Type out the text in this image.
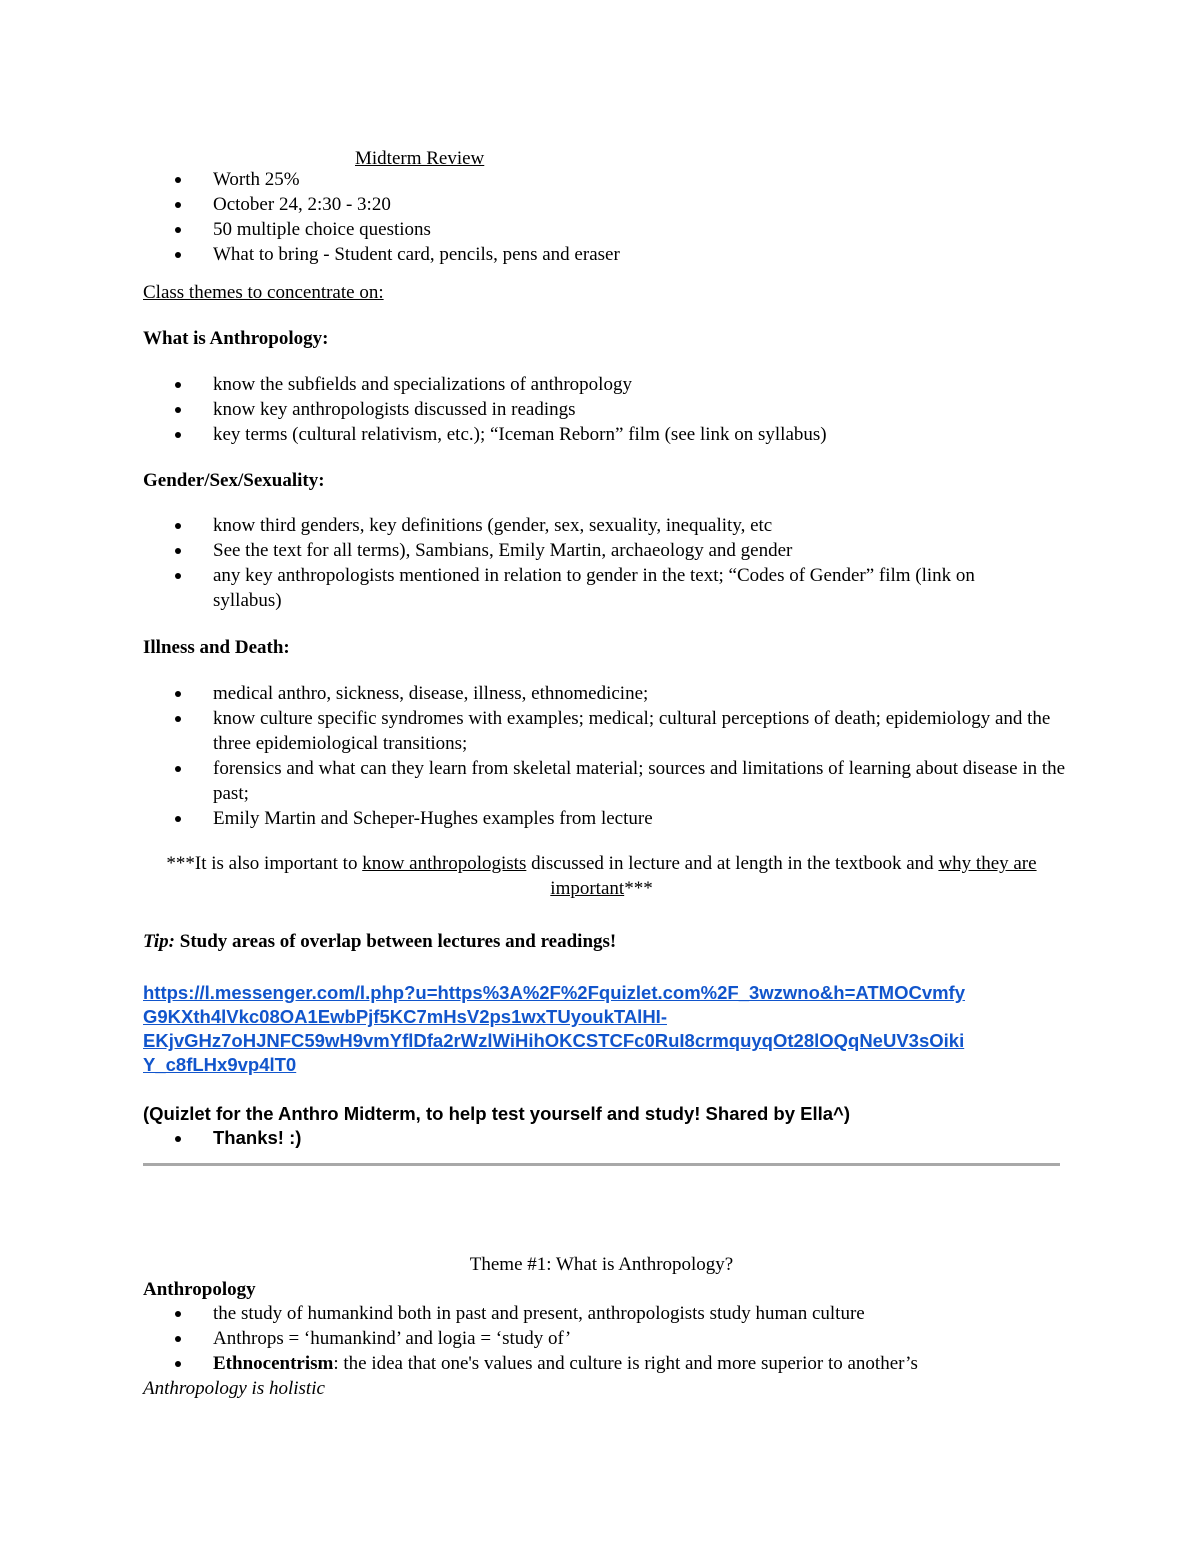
Midterm Review
Worth 25%
October 24, 2:30 - 3:20
50 multiple choice questions
What to bring - Student card, pencils, pens and eraser
Class themes to concentrate on:
What is Anthropology:
know the subfields and specializations of anthropology
know key anthropologists discussed in readings
key terms (cultural relativism, etc.); “Iceman Reborn” film (see link on syllabus)
Gender/Sex/Sexuality:
know third genders, key definitions (gender, sex, sexuality, inequality, etc
See the text for all terms), Sambians, Emily Martin, archaeology and gender
any key anthropologists mentioned in relation to gender in the text; “Codes of Gender” film (link on syllabus)
Illness and Death:
medical anthro, sickness, disease, illness, ethnomedicine;
know culture specific syndromes with examples; medical; cultural perceptions of death; epidemiology and the three epidemiological transitions;
forensics and what can they learn from skeletal material; sources and limitations of learning about disease in the past;
Emily Martin and Scheper-Hughes examples from lecture
***It is also important to know anthropologists discussed in lecture and at length in the textbook and why they are important***
Tip: Study areas of overlap between lectures and readings!
https://l.messenger.com/l.php?u=https%3A%2F%2Fquizlet.com%2F_3wzwno&h=ATMOCvmfy
G9KXth4lVkc08OA1EwbPjf5KC7mHsV2ps1wxTUyoukTAlHI-
EKjvGHz7oHJNFC59wH9vmYflDfa2rWzlWiHihOKCSTCFc0RuI8crmquyqOt28lOQqNeUV3sOiki
Y_c8fLHx9vp4lT0
(Quizlet for the Anthro Midterm, to help test yourself and study! Shared by Ella^)
Thanks! :)
Theme #1: What is Anthropology?
Anthropology
the study of humankind both in past and present, anthropologists study human culture
Anthrops = ‘humankind’ and logia = ‘study of’
Ethnocentrism: the idea that one's values and culture is right and more superior to another’s
Anthropology is holistic
